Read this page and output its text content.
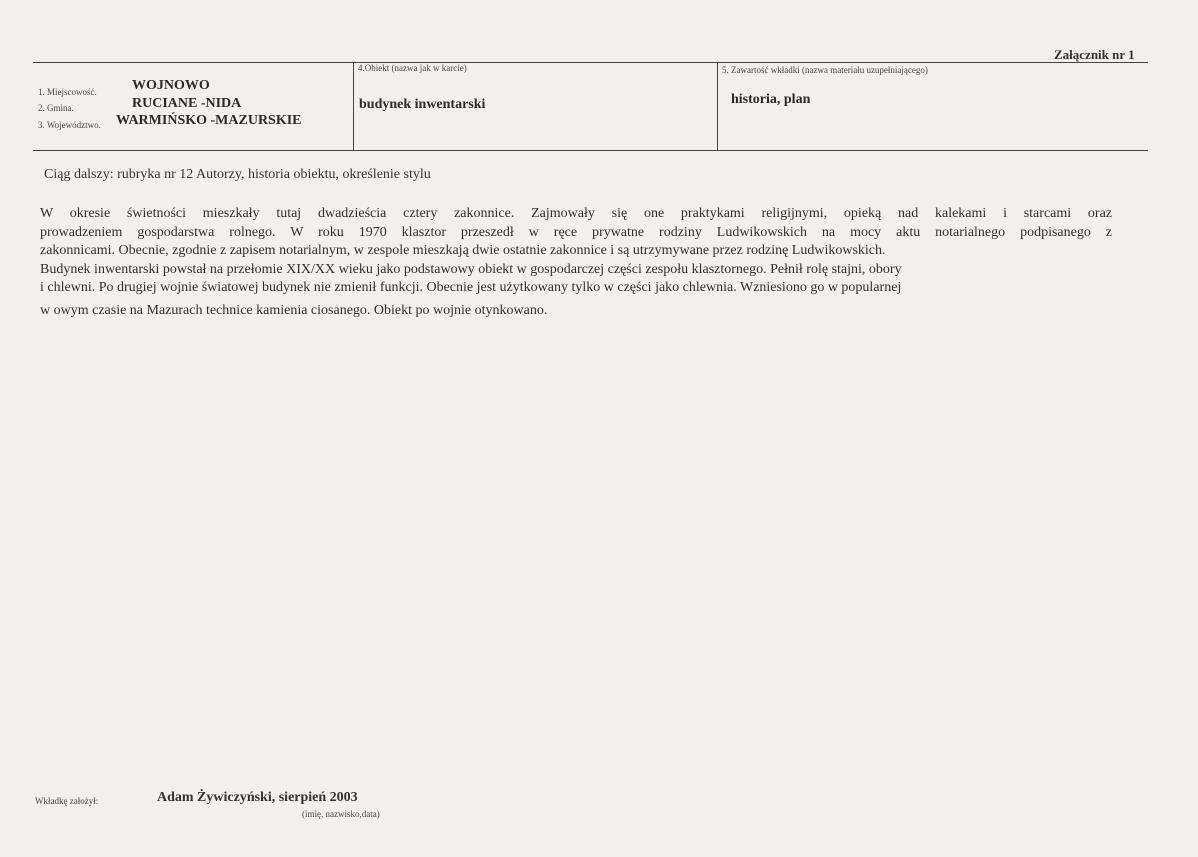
Załącznik nr 1
1. Miejscowość.	WOJNOWO
2. Gmina.	RUCIANE -NIDA
3. Województwo. WARMIŃSKO -MAZURSKIE
4.Obiekt (nazwa jak w karcie)
budynek inwentarski
5. Zawartość wkładki (nazwa materiału uzupełniającego)
historia, plan
Ciąg dalszy: rubryka nr 12 Autorzy, historia obiektu, określenie stylu
W okresie świetności mieszkały tutaj dwadzieścia cztery zakonnice. Zajmowały się one praktykami religijnymi, opieką nad kalekami i starcami oraz
prowadzeniem gospodarstwa rolnego. W roku 1970 klasztor przeszedł w ręce prywatne rodziny Ludwikowskich na mocy aktu notarialnego podpisanego z
zakonnicami. Obecnie, zgodnie z zapisem notarialnym, w zespole mieszkają dwie ostatnie zakonnice i są utrzymywane przez rodzinę Ludwikowskich.
Budynek inwentarski powstał na przełomie XIX/XX wieku jako podstawowy obiekt w gospodarczej części zespołu klasztornego. Pełnił rolę stajni, obory
i chlewni. Po drugiej wojnie światowej budynek nie zmienił funkcji. Obecnie jest użytkowany tylko w części jako chlewnia. Wzniesiono go w popularnej
w owym czasie na Mazurach technice kamienia ciosanego. Obiekt po wojnie otynkowano.
Wkładkę założył:	Adam Żywiczyński, sierpień 2003
(imię, nazwisko,data)
